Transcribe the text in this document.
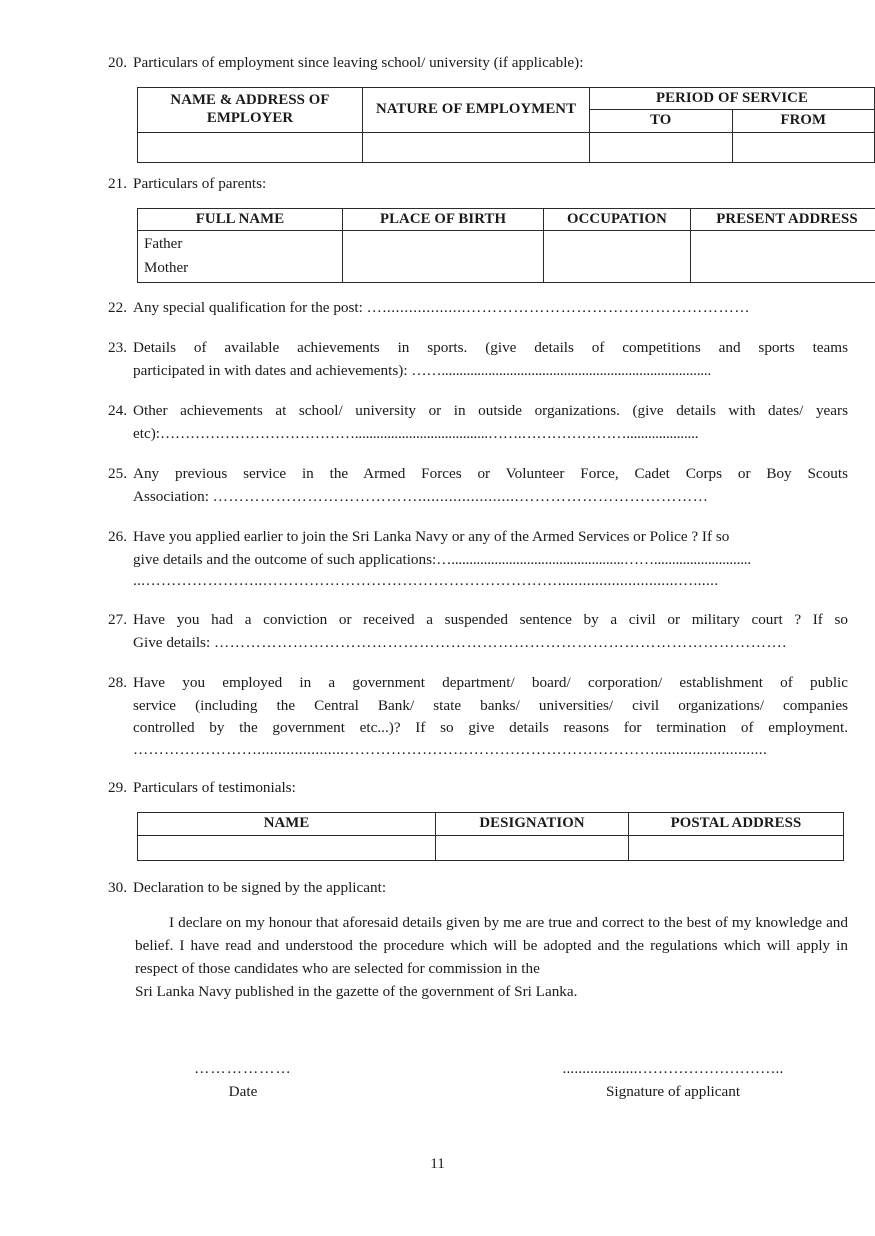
20. Particulars of employment since leaving school/ university (if applicable):
NAME & ADDRESS OF EMPLOYER	NATURE OF EMPLOYMENT	PERIOD OF SERVICE	
		TO	FROM

21. Particulars of parents:
FULL NAME	PLACE OF BIRTH	OCCUPATION	PRESENT ADDRESS

Father
Mother			

22. Any special qualification for the post: …...................………………………………………………
23. Details of available achievements in sports. (give details of competitions and sports teams
participated in with dates and achievements): ……...........................................................................
24. Other achievements at school/ university or in outside organizations. (give details with dates/ years
etc):………………………………….....................................…….…………………....................
25. Any previous service in the Armed Forces or Volunteer Force, Cadet Corps or Boy Scouts
Association: ………………………………….......................………………………………
26. Have you applied earlier to join the Sri Lanka Navy or any of the Armed Services or Police ? If so
give details and the outcome of such applications:…................................................……...........................
...…………………..………………………………………………….............................…......
27. Have you had a conviction or received a suspended sentence by a civil or military court ? If so
Give details: ……………………………………………………………………………………………….
28. Have you employed in a government department/ board/ corporation/ establishment of public
service (including the Central Bank/ state banks/ universities/ civil organizations/ companies
controlled by the government etc...)? If so give details reasons for termination of employment.
…………………….....................……………………………………………………...........................
29. Particulars of testimonials:
NAME	DESIGNATION	POSTAL ADDRESS

30. Declaration to be signed by the applicant:
I declare on my honour that aforesaid details given by me are true and correct to the best of my knowledge and belief. I have read and understood the procedure which will be adopted and the regulations which will apply in respect of those candidates who are selected for commission in the
Sri Lanka Navy published in the gazette of the government of Sri Lanka.
………………
Date
...................………………………..
Signature of applicant
11
